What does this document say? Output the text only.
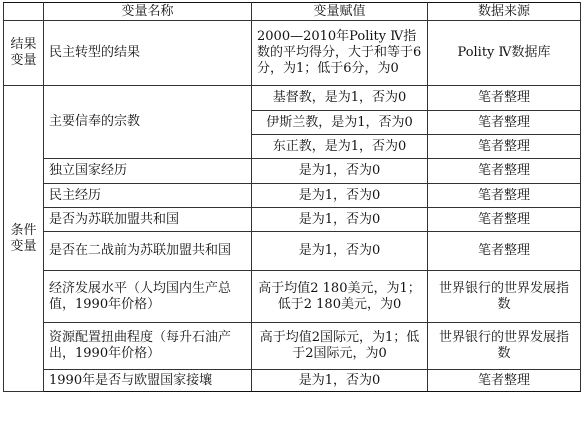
	变量名称	变量赋值	数据来源
结果变量	民主转型的结果	2000—2010年Polity Ⅳ指数的平均得分，大于和等于6分，为1；低于6分，为0	Polity Ⅳ数据库
条件变量	主要信奉的宗教	基督教，是为1，否为0	笔者整理
		伊斯兰教，是为1，否为0	笔者整理
		东正教，是为1，否为0	笔者整理
	独立国家经历	是为1，否为0	笔者整理
	民主经历	是为1，否为0	笔者整理
	是否为苏联加盟共和国	是为1，否为0	笔者整理
	是否在二战前为苏联加盟共和国	是为1，否为0	笔者整理
	经济发展水平（人均国内生产总值，1990年价格）	高于均值2 180美元，为1；低于2 180美元，为0	世界银行的世界发展指数
	资源配置扭曲程度（每升石油产出，1990年价格）	高于均值2国际元，为1；低于2国际元，为0	世界银行的世界发展指数
	1990年是否与欧盟国家接壤	是为1，否为0	笔者整理
